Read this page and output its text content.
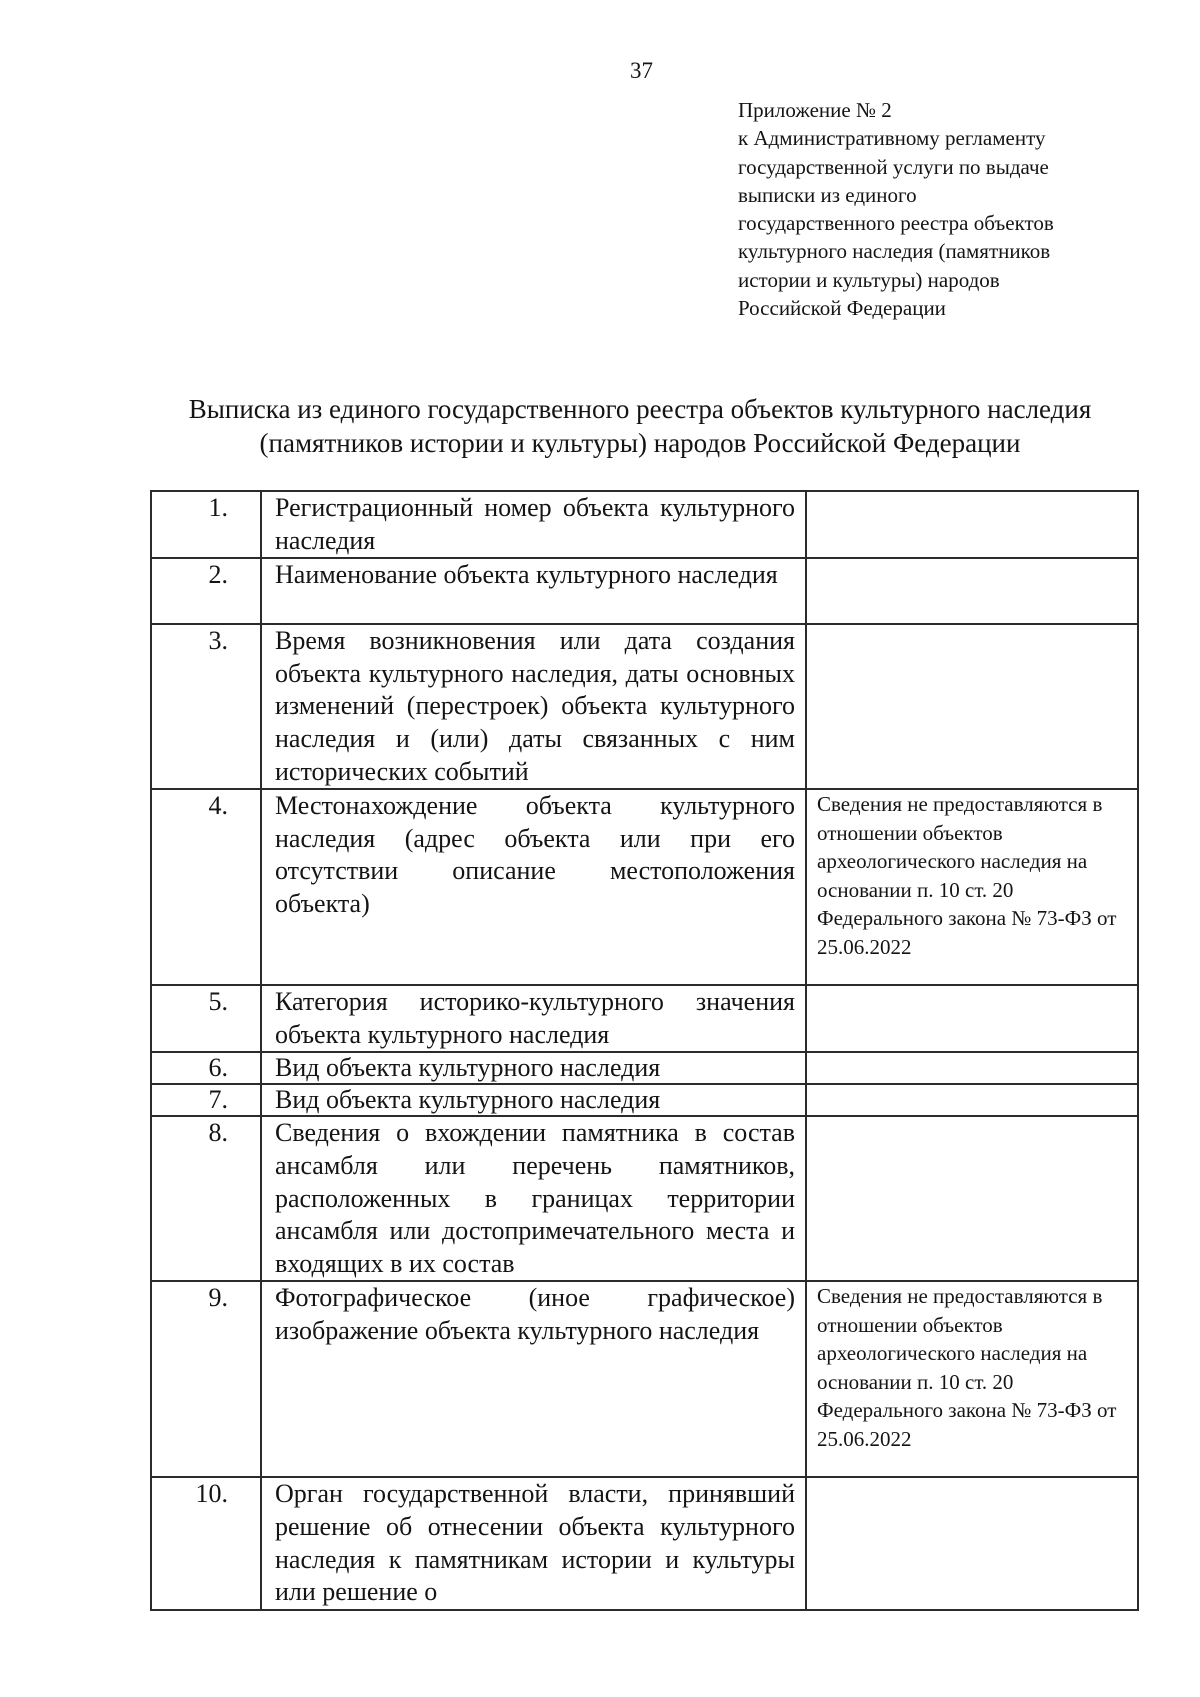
37
Приложение № 2
к Административному регламенту
государственной услуги по выдаче
выписки из единого
государственного реестра объектов
культурного наследия (памятников
истории и культуры) народов
Российской Федерации
Выписка из единого государственного реестра объектов культурного наследия
(памятников истории и культуры) народов Российской Федерации
1.	Регистрационный номер объекта культурного наследия	
2.	Наименование объекта культурного наследия	
3.	Время возникновения или дата создания объекта культурного наследия, даты основных изменений (перестроек) объекта культурного наследия и (или) даты связанных с ним исторических событий	
4.	Местонахождение объекта культурного наследия (адрес объекта или при его отсутствии описание местоположения объекта)	Сведения не предоставляются в отношении объектов археологического наследия на основании п. 10 ст. 20 Федерального закона № 73-ФЗ от 25.06.2022
5.	Категория историко-культурного значения объекта культурного наследия	
6.	Вид объекта культурного наследия	
7.	Вид объекта культурного наследия	
8.	Сведения о вхождении памятника в состав ансамбля или перечень памятников, расположенных в границах территории ансамбля или достопримечательного места и входящих в их состав	
9.	Фотографическое (иное графическое) изображение объекта культурного наследия	Сведения не предоставляются в отношении объектов археологического наследия на основании п. 10 ст. 20 Федерального закона № 73-ФЗ от 25.06.2022
10.	Орган государственной власти, принявший решение об отнесении объекта культурного наследия к памятникам истории и культуры или решение о	
